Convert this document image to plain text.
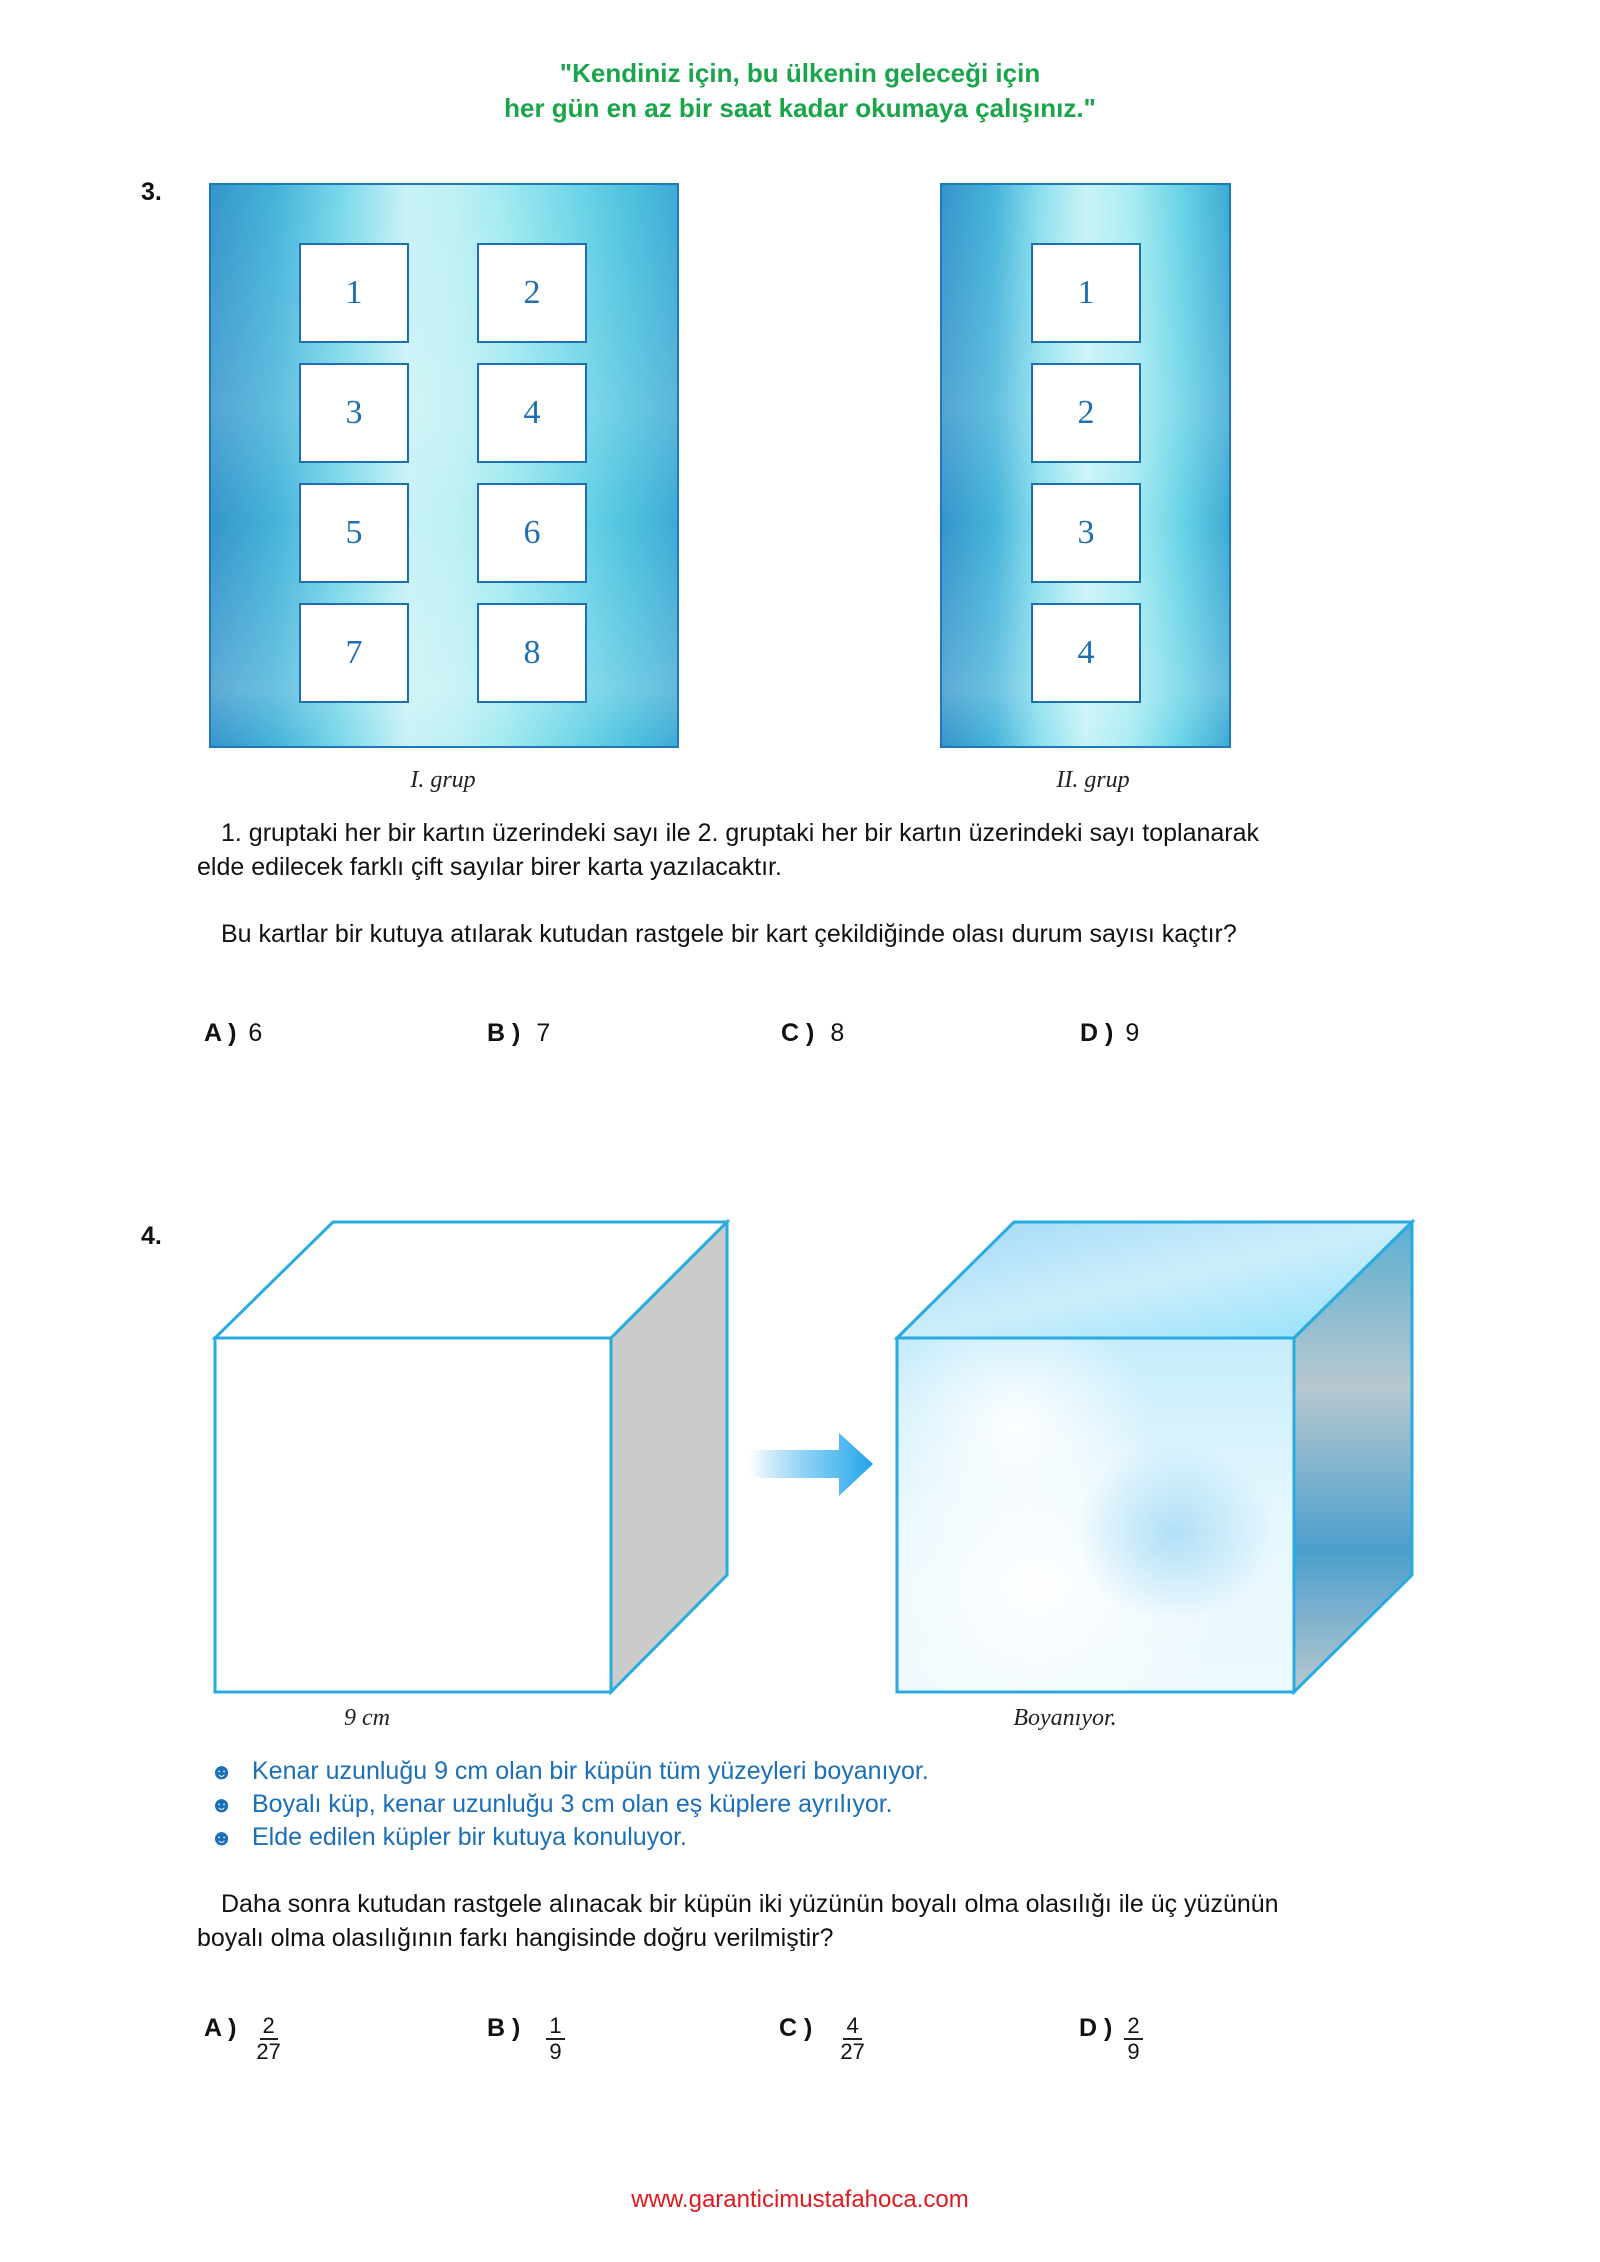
"Kendiniz için, bu ülkenin geleceği için
her gün en az bir saat kadar okumaya çalışınız."
3.
1	2
3	4
5	6
7	8
1
2
3
4
I. grup	II. grup
1. gruptaki her bir kartın üzerindeki sayı ile 2. gruptaki her bir kartın üzerindeki sayı toplanarak
elde edilecek farklı çift sayılar birer karta yazılacaktır.
Bu kartlar bir kutuya atılarak kutudan rastgele bir kart çekildiğinde olası durum sayısı kaçtır?
A ) 6	B ) 7	C ) 8	D ) 9
4.
9 cm	Boyanıyor.
☻ Kenar uzunluğu 9 cm olan bir küpün tüm yüzeyleri boyanıyor.
☻ Boyalı küp, kenar uzunluğu 3 cm olan eş küplere ayrılıyor.
☻ Elde edilen küpler bir kutuya konuluyor.
Daha sonra kutudan rastgele alınacak bir küpün iki yüzünün boyalı olma olasılığı ile üç yüzünün
boyalı olma olasılığının farkı hangisinde doğru verilmiştir?
A ) $\frac{2}{27}$	B ) $\frac{1}{9}$	C ) $\frac{4}{27}$	D ) $\frac{2}{9}$
www.garanticimustafahoca.com
